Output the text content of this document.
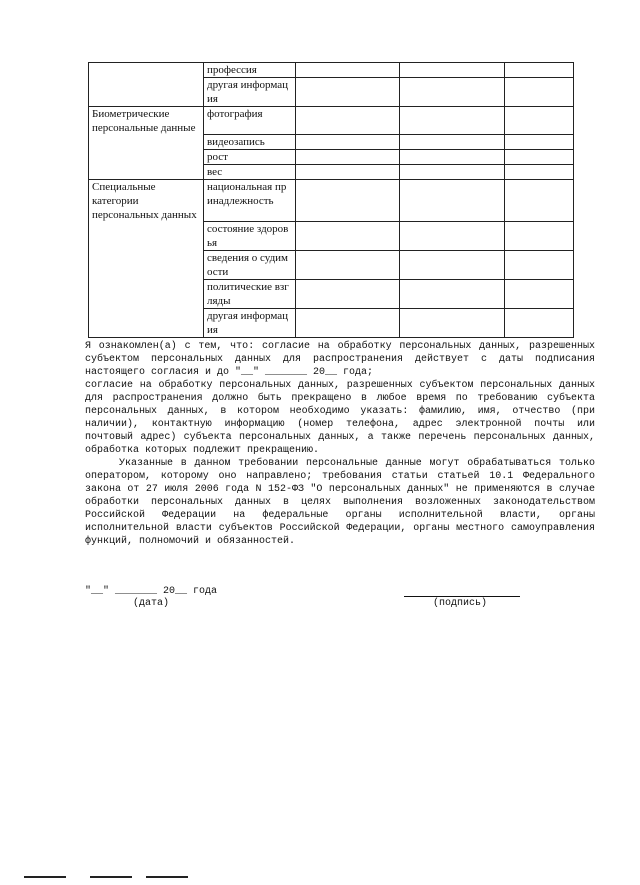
	профессия			
	другая информация			
Биометрические персональные данные	фотография			
	видеозапись			
	рост			
	вес			
Специальные категории персональных данных	национальная принадлежность			
	состояние здоровья			
	сведения о судимости			
	политические взгляды			
	другая информация			

Я ознакомлен(а) с тем, что: согласие на обработку персональных данных, разрешенных субъектом персональных данных для распространения действует с даты подписания настоящего согласия и до "__" _______ 20__ года;

согласие на обработку персональных данных, разрешенных субъектом персональных данных для распространения должно быть прекращено в любое время по требованию субъекта персональных данных, в котором необходимо указать: фамилию, имя, отчество (при наличии), контактную информацию (номер телефона, адрес электронной почты или почтовый адрес) субъекта персональных данных, а также перечень персональных данных, обработка которых подлежит прекращению.

Указанные в данном требовании персональные данные могут обрабатываться только оператором, которому оно направлено; требования статьи статьей 10.1 Федерального закона от 27 июля 2006 года N 152-ФЗ "О персональных данных" не применяются в случае обработки персональных данных в целях выполнения возложенных законодательством Российской Федерации на федеральные органы исполнительной власти, органы исполнительной власти субъектов Российской Федерации, органы местного самоуправления функций, полномочий и обязанностей.

"__" _______ 20__ года
(дата)	(подпись)
